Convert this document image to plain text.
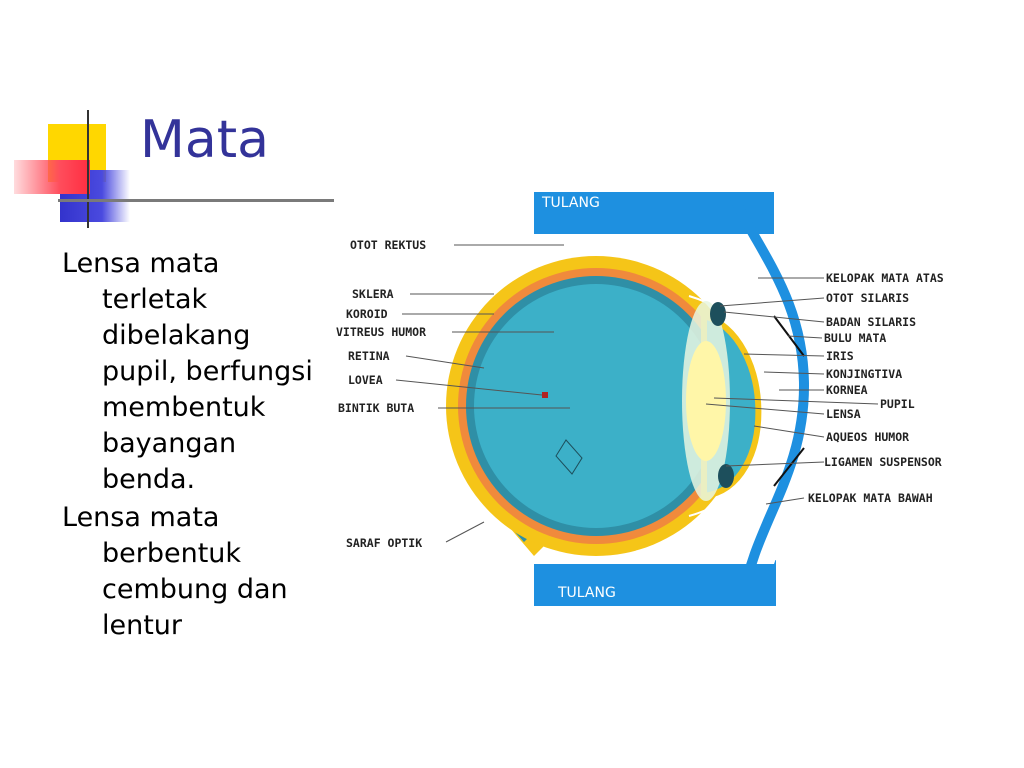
Mata

Lensa mata terletak dibelakang pupil, berfungsi membentuk bayangan benda.

Lensa mata berbentuk cembung dan lentur

TULANG
TULANG
OTOT REKTUS
SKLERA
KOROID
VITREUS HUMOR
RETINA
LOVEA
BINTIK BUTA
SARAF OPTIK
KELOPAK MATA ATAS
OTOT SILARIS
BADAN SILARIS
BULU MATA
IRIS
KONJINGTIVA
KORNEA
PUPIL
LENSA
AQUEOS HUMOR
LIGAMEN SUSPENSOR
KELOPAK MATA BAWAH
